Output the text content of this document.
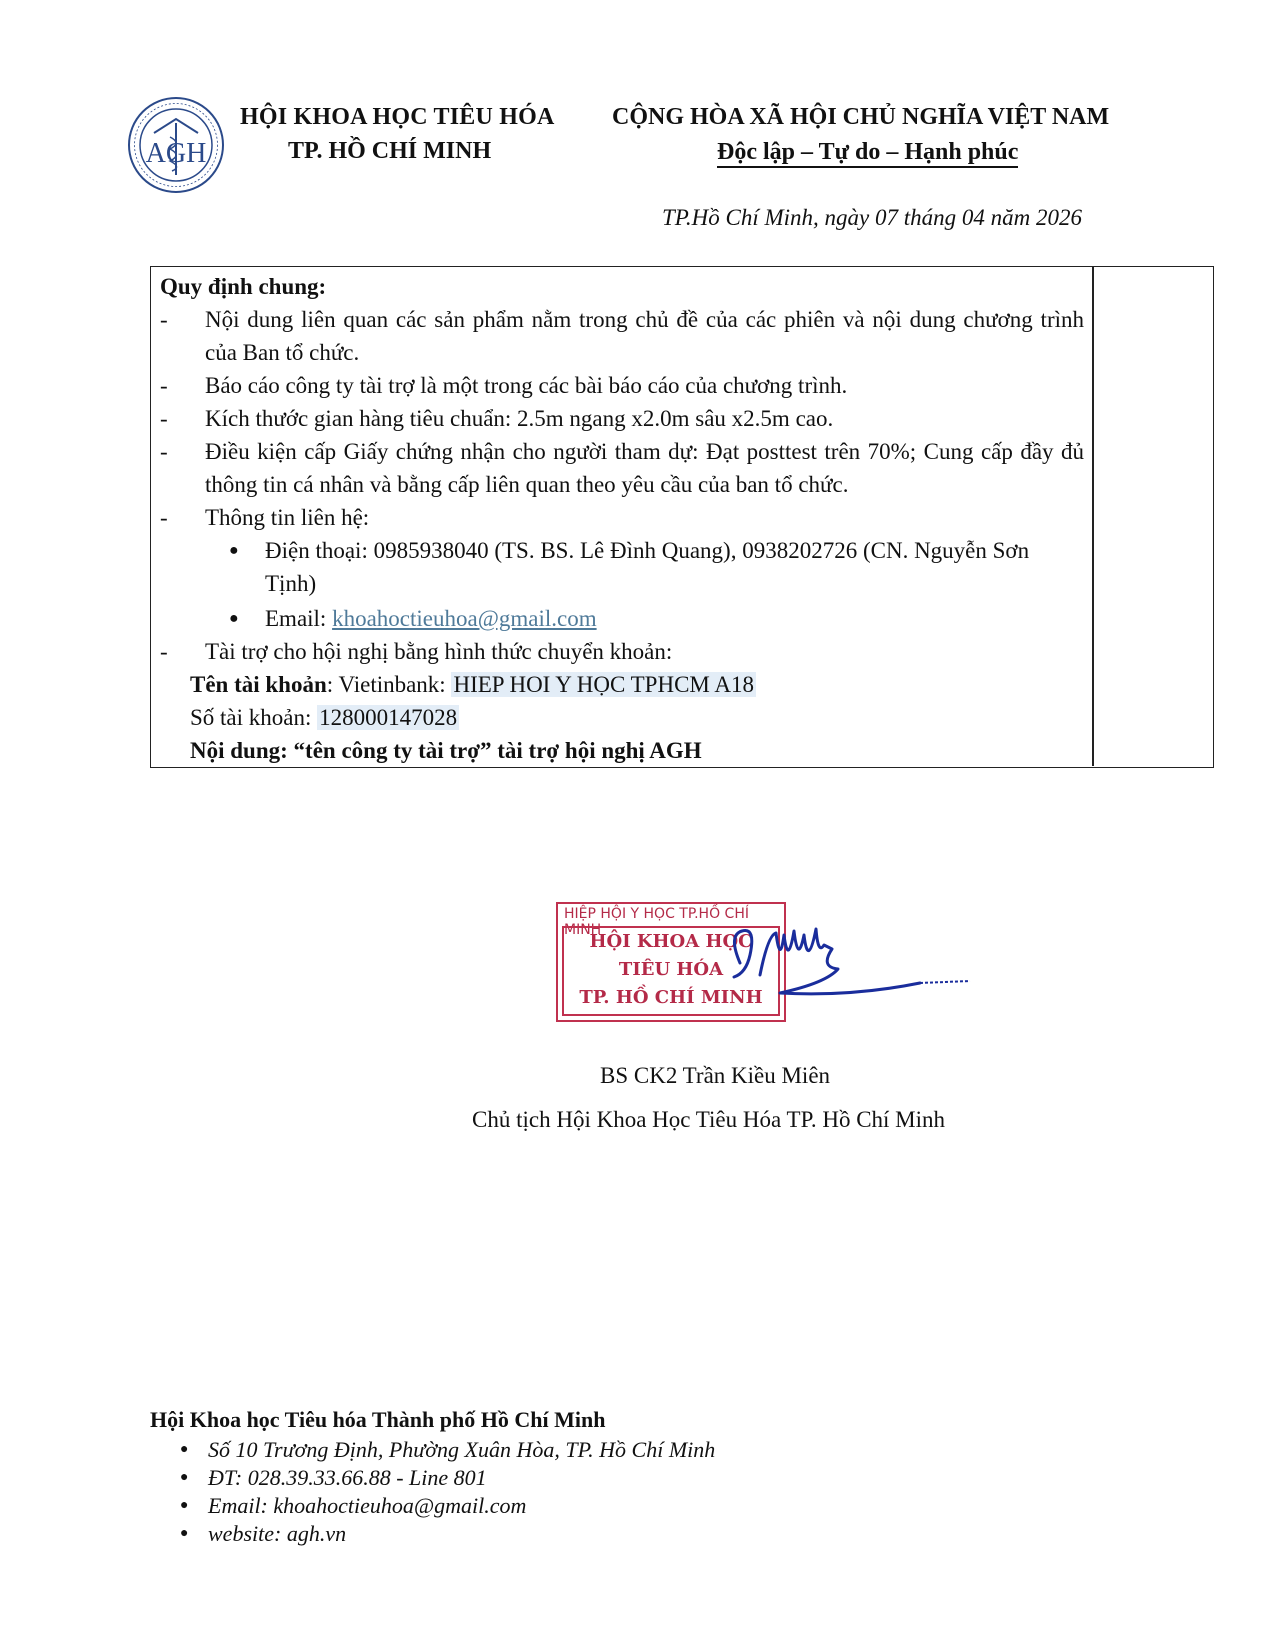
AGH
HỘI KHOA HỌC TIÊU HÓA
TP. HỒ CHÍ MINH
CỘNG HÒA XÃ HỘI CHỦ NGHĨA VIỆT NAM
Độc lập – Tự do – Hạnh phúc
TP.Hồ Chí Minh, ngày 07 tháng 04 năm 2026
Quy định chung:
-	Nội dung liên quan các sản phẩm nằm trong chủ đề của các phiên và nội dung chương trình của Ban tổ chức.
-	Báo cáo công ty tài trợ là một trong các bài báo cáo của chương trình.
-	Kích thước gian hàng tiêu chuẩn: 2.5m ngang x2.0m sâu x2.5m cao.
-	Điều kiện cấp Giấy chứng nhận cho người tham dự: Đạt posttest trên 70%; Cung cấp đầy đủ thông tin cá nhân và bằng cấp liên quan theo yêu cầu của ban tổ chức.
-	Thông tin liên hệ:
●	Điện thoại: 0985938040 (TS. BS. Lê Đình Quang), 0938202726 (CN. Nguyễn Sơn Tịnh)
●	Email: khoahoctieuhoa@gmail.com
-	Tài trợ cho hội nghị bằng hình thức chuyển khoản:
Tên tài khoản: Vietinbank: HIEP HOI Y HỌC TPHCM A18
Số tài khoản: 128000147028
Nội dung: “tên công ty tài trợ” tài trợ hội nghị AGH
HIỆP HỘI Y HỌC TP.HỒ CHÍ MINH
HỘI KHOA HỌC
TIÊU HÓA
TP. HỒ CHÍ MINH
BS CK2 Trần Kiều Miên
Chủ tịch Hội Khoa Học Tiêu Hóa TP. Hồ Chí Minh
Hội Khoa học Tiêu hóa Thành phố Hồ Chí Minh
● Số 10 Trương Định, Phường Xuân Hòa, TP. Hồ Chí Minh
● ĐT: 028.39.33.66.88 - Line 801
● Email: khoahoctieuhoa@gmail.com
● website: agh.vn
